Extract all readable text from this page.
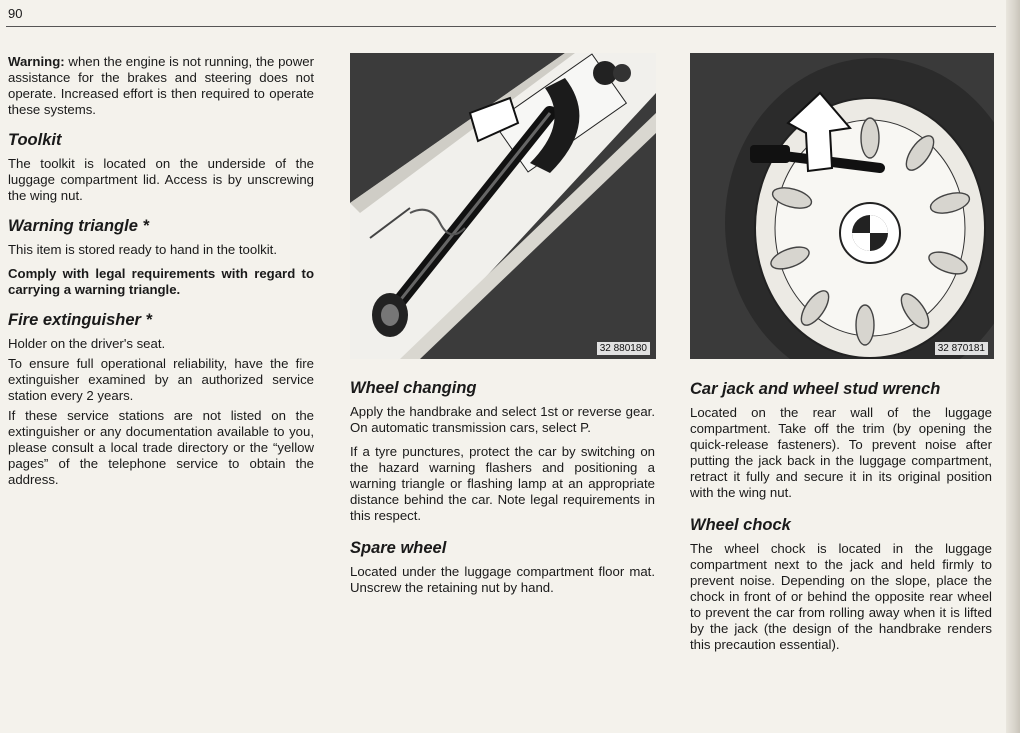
90

Warning: when the engine is not running, the power assistance for the brakes and steering does not operate. Increased effort is then required to operate these systems.

Toolkit

The toolkit is located on the underside of the luggage compartment lid. Access is by unscrewing the wing nut.

Warning triangle *

This item is stored ready to hand in the toolkit.

Comply with legal requirements with regard to carrying a warning triangle.

Fire extinguisher *

Holder on the driver's seat.

To ensure full operational reliability, have the fire extinguisher examined by an authorized service station every 2 years.

If these service stations are not listed on the extinguisher or any documentation available to you, please consult a local trade directory or the “yellow pages” of the telephone service to obtain the address.

32 880180	32 870181
Wheel changing

Apply the handbrake and select 1st or reverse gear. On automatic transmission cars, select P.

If a tyre punctures, protect the car by switching on the hazard warning flashers and positioning a warning triangle or flashing lamp at an appropriate distance behind the car. Note legal requirements in this respect.

Spare wheel

Located under the luggage compartment floor mat. Unscrew the retaining nut by hand.

Car jack and wheel stud wrench

Located on the rear wall of the luggage compartment. Take off the trim (by opening the quick-release fasteners). To prevent noise after putting the jack back in the luggage compartment, retract it fully and secure it in its original position with the wing nut.

Wheel chock

The wheel chock is located in the luggage compartment next to the jack and held firmly to prevent noise. Depending on the slope, place the chock in front of or behind the opposite rear wheel to prevent the car from rolling away when it is lifted by the jack (the design of the handbrake renders this precaution essential).
